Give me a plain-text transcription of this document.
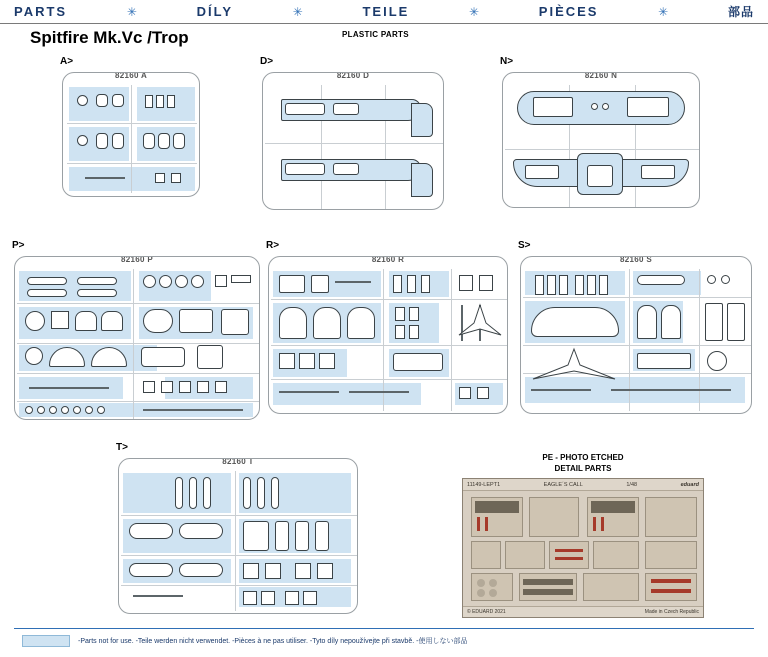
PARTS	✳	DÍLY	✳	TEILE	✳	PIÈCES	✳	部品
Spitfire Mk.Vc /Trop	PLASTIC PARTS
A>
82160 A
D>
82160 D
N>
82160 N
P>
82160 P
R>
82160 R
S>
82160 S
T>
82160 T	PE - PHOTO ETCHED
DETAIL PARTS
11149-LEPT1	EAGLE´S CALL	1/48	eduard
© EDUARD 2021	Made in Czech Republic
-Parts not for use. -Teile werden nicht verwendet. -Pièces à ne pas utiliser. -Tyto díly nepoužívejte při stavbě. -使用しない部品
